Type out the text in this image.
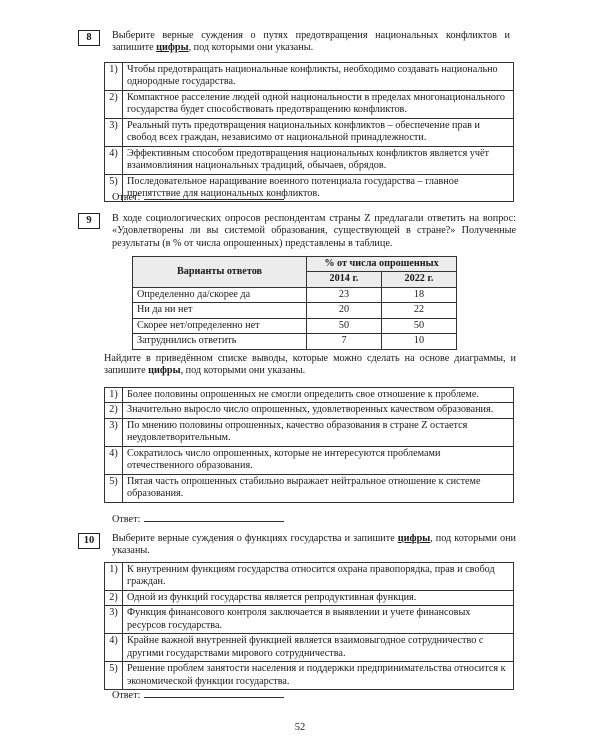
8	Выберите верные суждения о путях предотвращения национальных конфликтов и запишите цифры, под которыми они указаны.
1)	Чтобы предотвращать национальные конфликты, необходимо создавать национально однородные государства.
2)	Компактное расселение людей одной национальности в пределах многонационального государства будет способствовать предотвращению конфликтов.
3)	Реальный путь предотвращения национальных конфликтов – обеспечение прав и свобод всех граждан, независимо от национальной принадлежности.
4)	Эффективным способом предотвращения национальных конфликтов является учёт взаимовлияния национальных традиций, обычаев, обрядов.
5)	Последовательное наращивание военного потенциала государства – главное препятствие для национальных конфликтов.
Ответ:
9	В ходе социологических опросов респондентам страны Z предлагали ответить на вопрос: «Удовлетворены ли вы системой образования, существующей в стране?» Полученные результаты (в % от числа опрошенных) представлены в таблице.
Варианты ответов	% от числа опрошенных	
	2014 г.	2022 г.
Определенно да/скорее да	23	18
Ни да ни нет	20	22
Скорее нет/определенно нет	50	50
Затруднились ответить	7	10
Найдите в приведённом списке выводы, которые можно сделать на основе диаграммы, и запишите цифры, под которыми они указаны.
1)	Более половины опрошенных не смогли определить свое отношение к проблеме.
2)	Значительно выросло число опрошенных, удовлетворенных качеством образования.
3)	По мнению половины опрошенных, качество образования в стране Z остается неудовлетворительным.
4)	Сократилось число опрошенных, которые не интересуются проблемами отечественного образования.
5)	Пятая часть опрошенных стабильно выражает нейтральное отношение к системе образования.
Ответ:
10	Выберите верные суждения о функциях государства и запишите цифры, под которыми они указаны.
1)	К внутренним функциям государства относится охрана правопорядка, прав и свобод граждан.
2)	Одной из функций государства является репродуктивная функция.
3)	Функция финансового контроля заключается в выявлении и учете финансовых ресурсов государства.
4)	Крайне важной внутренней функцией является взаимовыгодное сотрудничество с другими государствами мирового сотрудничества.
5)	Решение проблем занятости населения и поддержки предпринимательства относится к экономической функции государства.
Ответ:
52
